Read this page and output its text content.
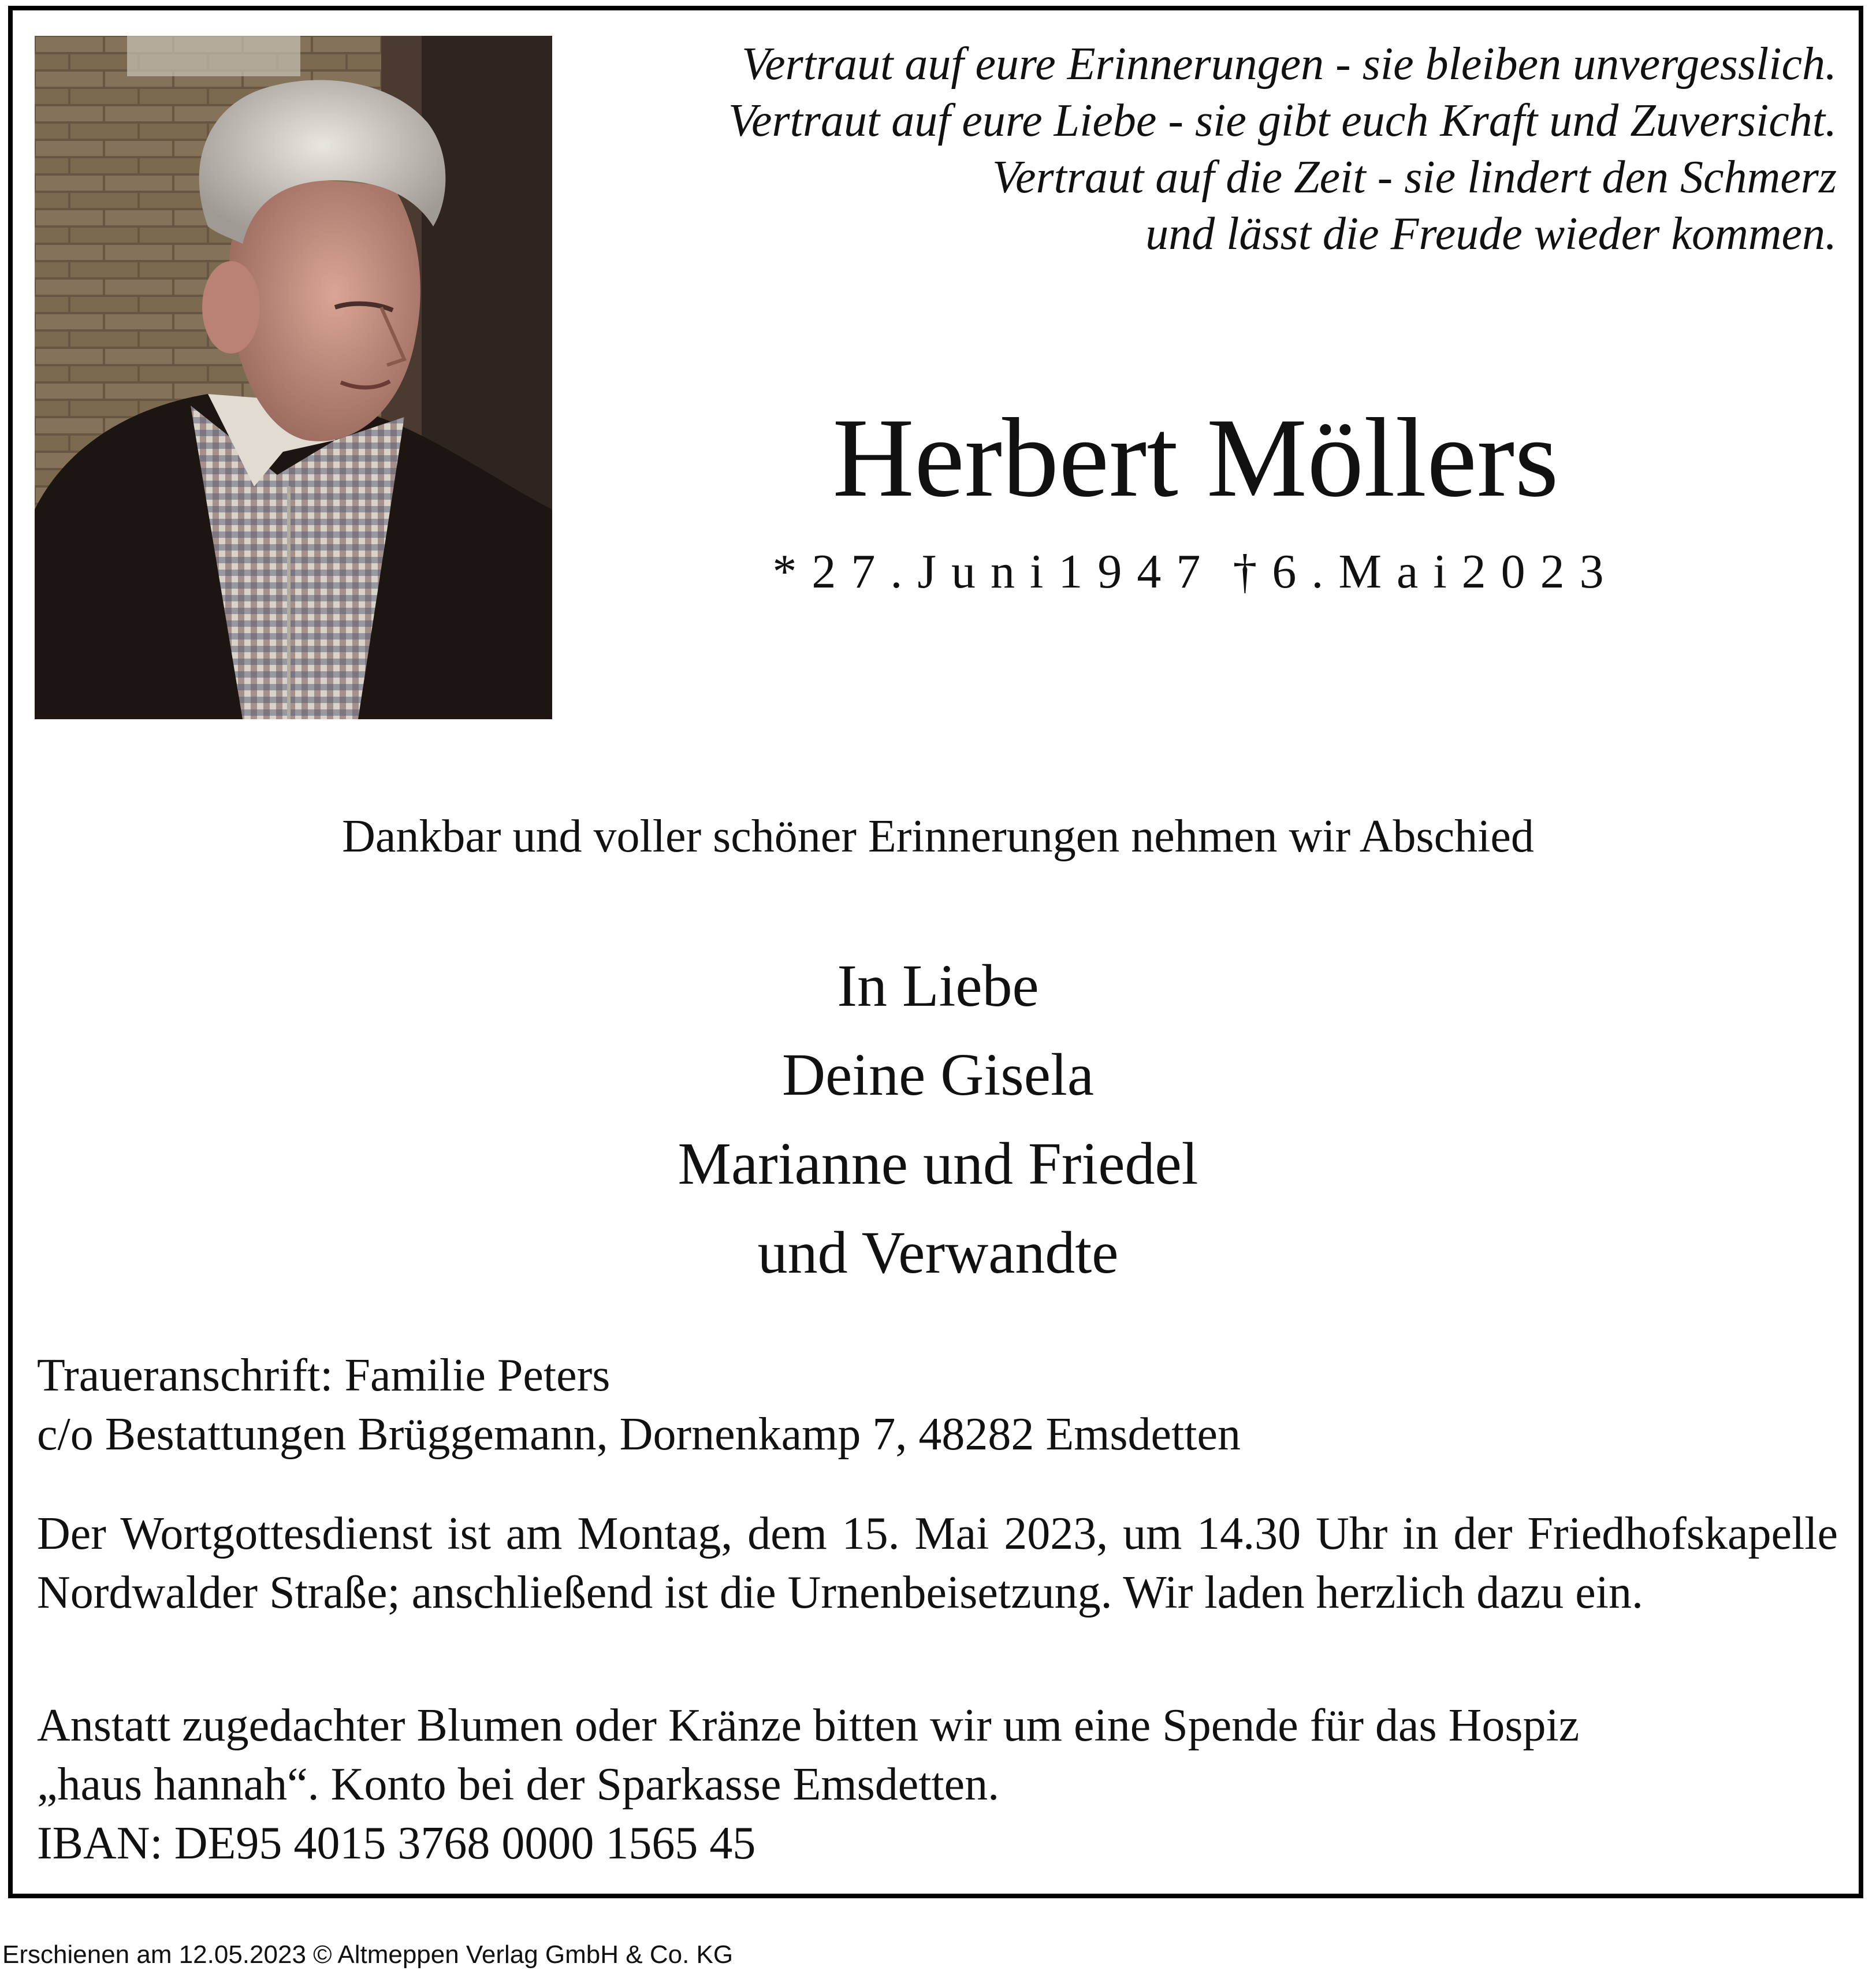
Vertraut auf eure Erinnerungen - sie bleiben unvergesslich.
Vertraut auf eure Liebe - sie gibt euch Kraft und Zuversicht.
Vertraut auf die Zeit - sie lindert den Schmerz
und lässt die Freude wieder kommen.
Herbert Möllers
*27.Juni1947 †6.Mai2023
Dankbar und voller schöner Erinnerungen nehmen wir Abschied
In Liebe
Deine Gisela
Marianne und Friedel
und Verwandte
Traueranschrift: Familie Peters
c/o Bestattungen Brüggemann, Dornenkamp 7, 48282 Emsdetten
Der Wortgottesdienst ist am Montag, dem 15. Mai 2023, um 14.30 Uhr in der Friedhofskapelle Nordwalder Straße; anschließend ist die Urnenbeisetzung. Wir laden herzlich dazu ein.
Anstatt zugedachter Blumen oder Kränze bitten wir um eine Spende für das Hospiz
„haus hannah“. Konto bei der Sparkasse Emsdetten.
IBAN: DE95 4015 3768 0000 1565 45
Erschienen am 12.05.2023 © Altmeppen Verlag GmbH & Co. KG
